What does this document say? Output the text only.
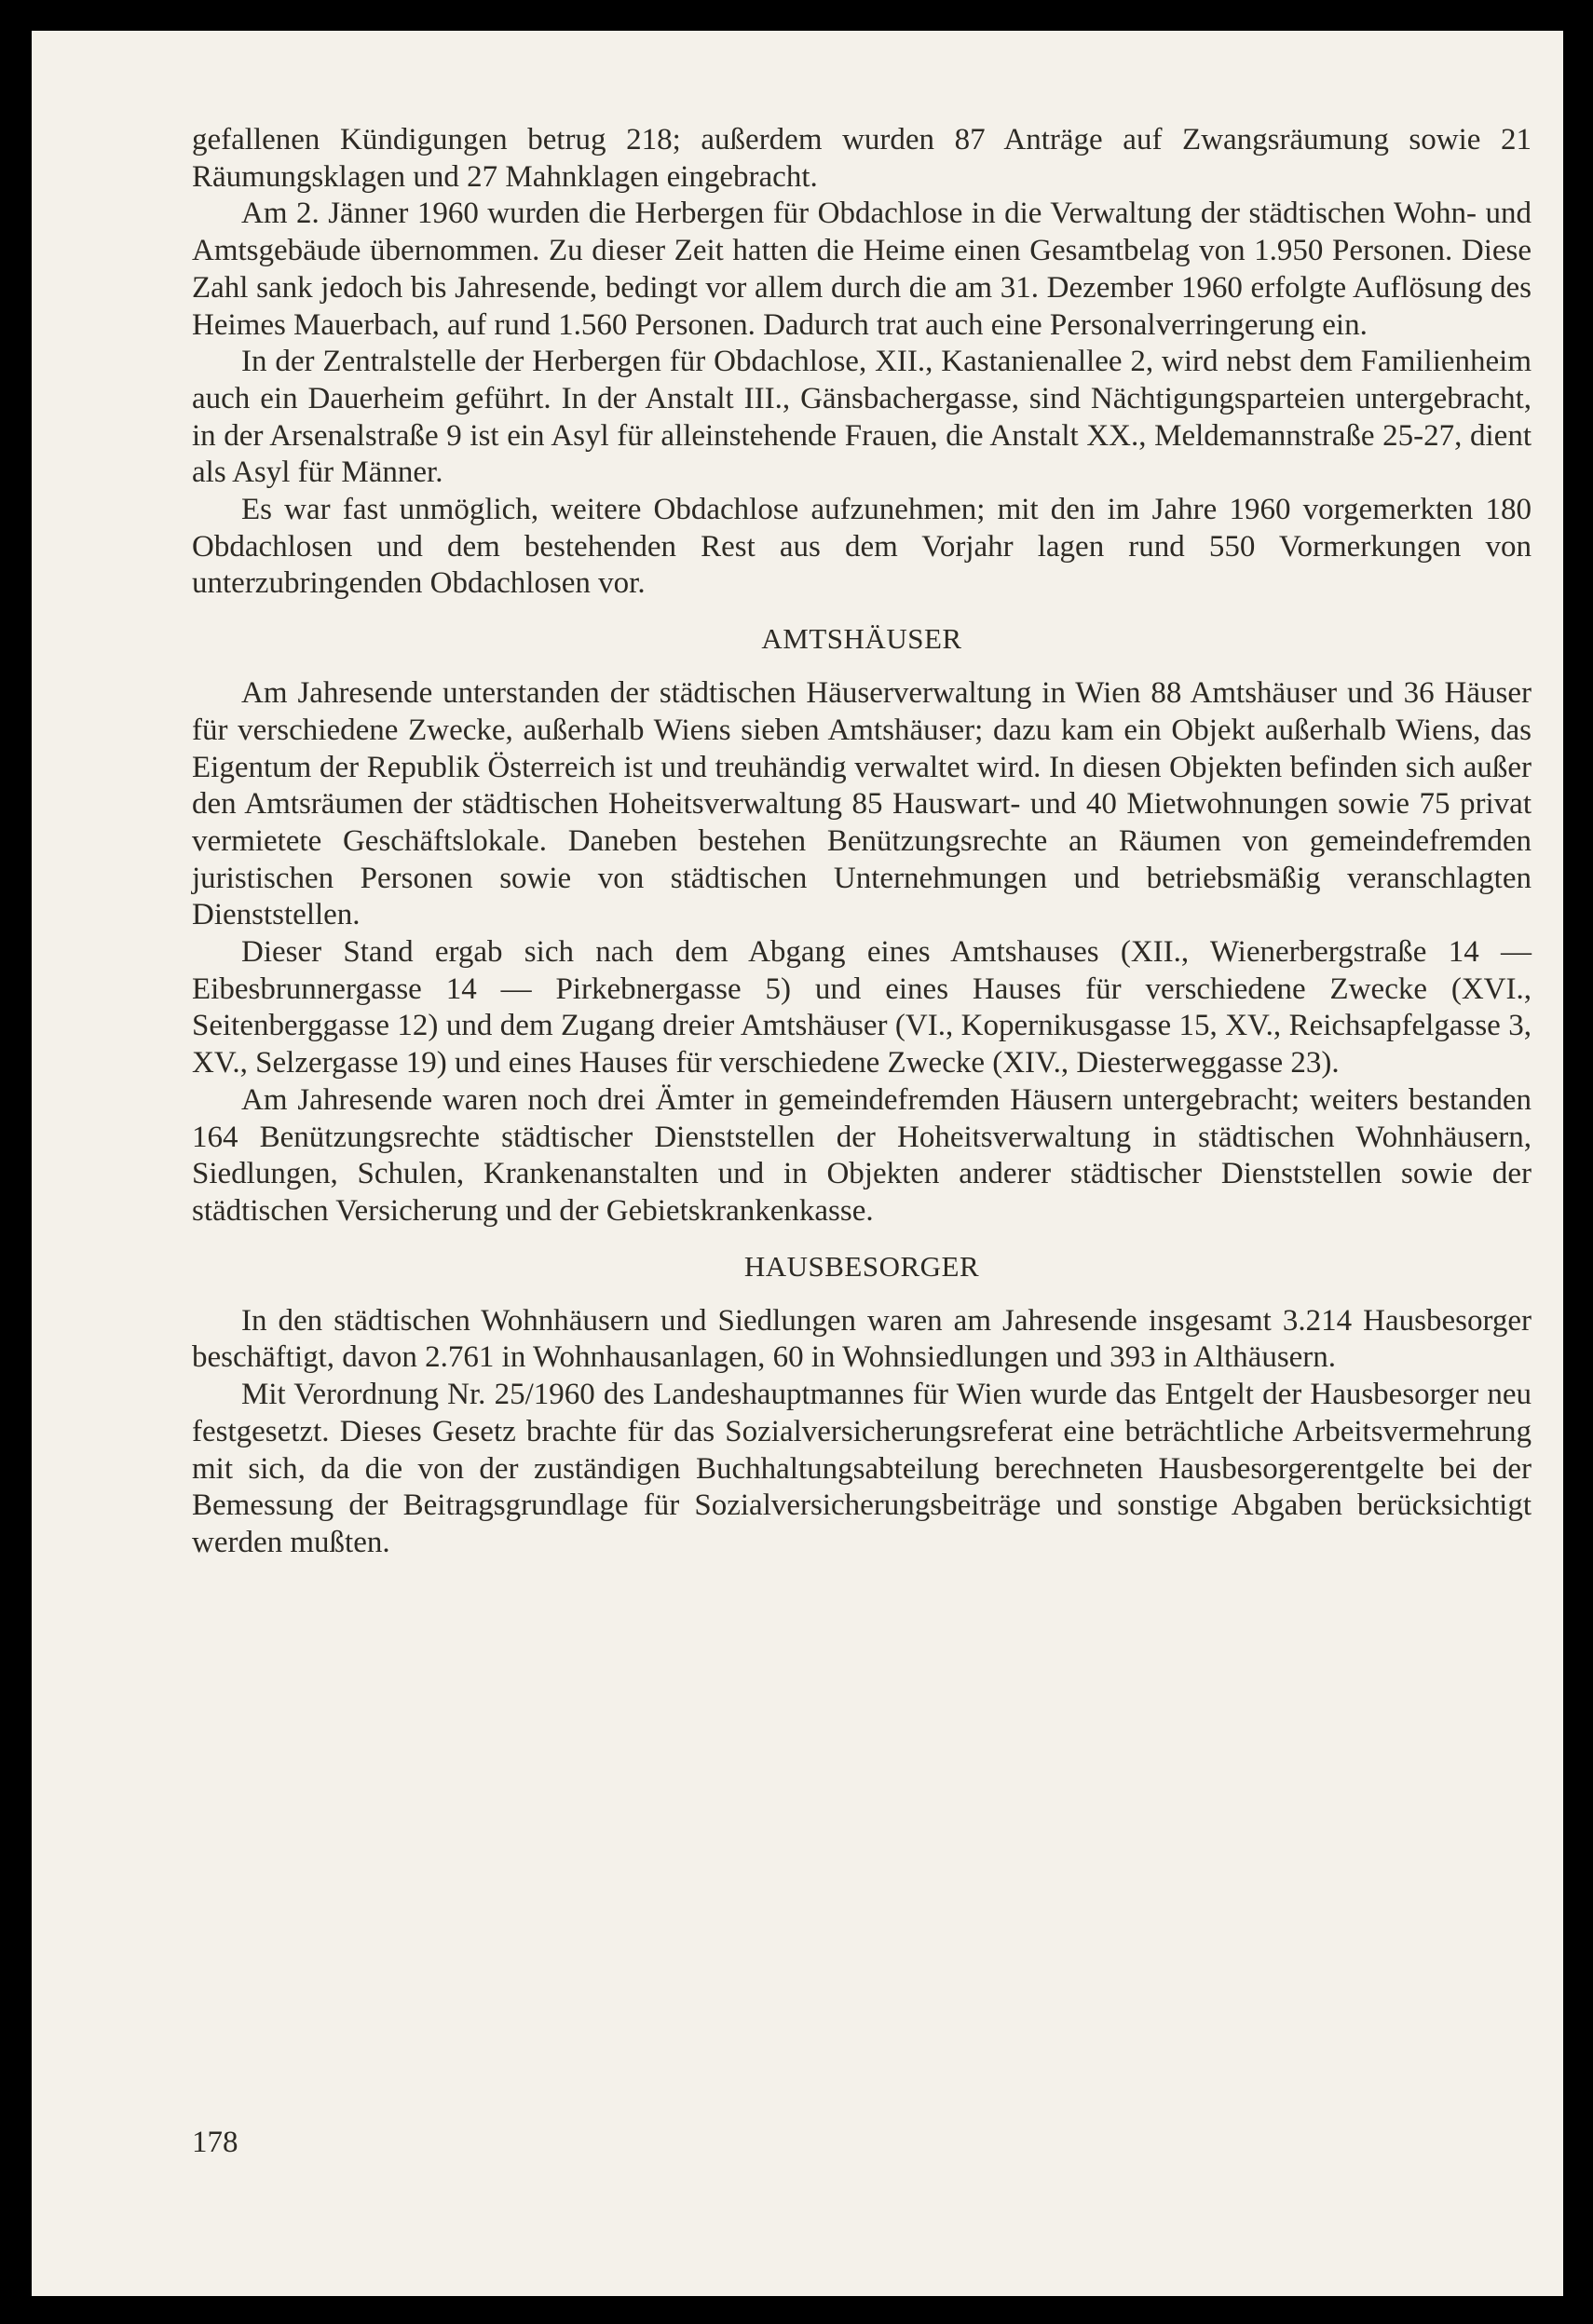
gefallenen Kündigungen betrug 218; außerdem wurden 87 Anträge auf Zwangsräumung sowie 21 Räumungsklagen und 27 Mahnklagen eingebracht.

Am 2. Jänner 1960 wurden die Herbergen für Obdachlose in die Verwaltung der städtischen Wohn- und Amtsgebäude übernommen. Zu dieser Zeit hatten die Heime einen Gesamtbelag von 1.950 Personen. Diese Zahl sank jedoch bis Jahresende, bedingt vor allem durch die am 31. Dezember 1960 erfolgte Auflösung des Heimes Mauerbach, auf rund 1.560 Personen. Dadurch trat auch eine Personalverringerung ein.

In der Zentralstelle der Herbergen für Obdachlose, XII., Kastanienallee 2, wird nebst dem Familienheim auch ein Dauerheim geführt. In der Anstalt III., Gänsbachergasse, sind Nächtigungsparteien untergebracht, in der Arsenalstraße 9 ist ein Asyl für alleinstehende Frauen, die Anstalt XX., Meldemannstraße 25-27, dient als Asyl für Männer.

Es war fast unmöglich, weitere Obdachlose aufzunehmen; mit den im Jahre 1960 vorgemerkten 180 Obdachlosen und dem bestehenden Rest aus dem Vorjahr lagen rund 550 Vormerkungen von unterzubringenden Obdachlosen vor.

AMTSHÄUSER

Am Jahresende unterstanden der städtischen Häuserverwaltung in Wien 88 Amtshäuser und 36 Häuser für verschiedene Zwecke, außerhalb Wiens sieben Amtshäuser; dazu kam ein Objekt außerhalb Wiens, das Eigentum der Republik Österreich ist und treuhändig verwaltet wird. In diesen Objekten befinden sich außer den Amtsräumen der städtischen Hoheitsverwaltung 85 Hauswart- und 40 Mietwohnungen sowie 75 privat vermietete Geschäftslokale. Daneben bestehen Benützungsrechte an Räumen von gemeindefremden juristischen Personen sowie von städtischen Unternehmungen und betriebsmäßig veranschlagten Dienststellen.

Dieser Stand ergab sich nach dem Abgang eines Amtshauses (XII., Wienerbergstraße 14 — Eibesbrunnergasse 14 — Pirkebnergasse 5) und eines Hauses für verschiedene Zwecke (XVI., Seitenberggasse 12) und dem Zugang dreier Amtshäuser (VI., Kopernikusgasse 15, XV., Reichsapfelgasse 3, XV., Selzergasse 19) und eines Hauses für verschiedene Zwecke (XIV., Diesterweggasse 23).

Am Jahresende waren noch drei Ämter in gemeindefremden Häusern untergebracht; weiters bestanden 164 Benützungsrechte städtischer Dienststellen der Hoheitsverwaltung in städtischen Wohnhäusern, Siedlungen, Schulen, Krankenanstalten und in Objekten anderer städtischer Dienststellen sowie der städtischen Versicherung und der Gebietskrankenkasse.

HAUSBESORGER

In den städtischen Wohnhäusern und Siedlungen waren am Jahresende insgesamt 3.214 Hausbesorger beschäftigt, davon 2.761 in Wohnhausanlagen, 60 in Wohnsiedlungen und 393 in Althäusern.

Mit Verordnung Nr. 25/1960 des Landeshauptmannes für Wien wurde das Entgelt der Hausbesorger neu festgesetzt. Dieses Gesetz brachte für das Sozialversicherungsreferat eine beträchtliche Arbeitsvermehrung mit sich, da die von der zuständigen Buchhaltungsabteilung berechneten Hausbesorgerentgelte bei der Bemessung der Beitragsgrundlage für Sozialversicherungsbeiträge und sonstige Abgaben berücksichtigt werden mußten.

178
